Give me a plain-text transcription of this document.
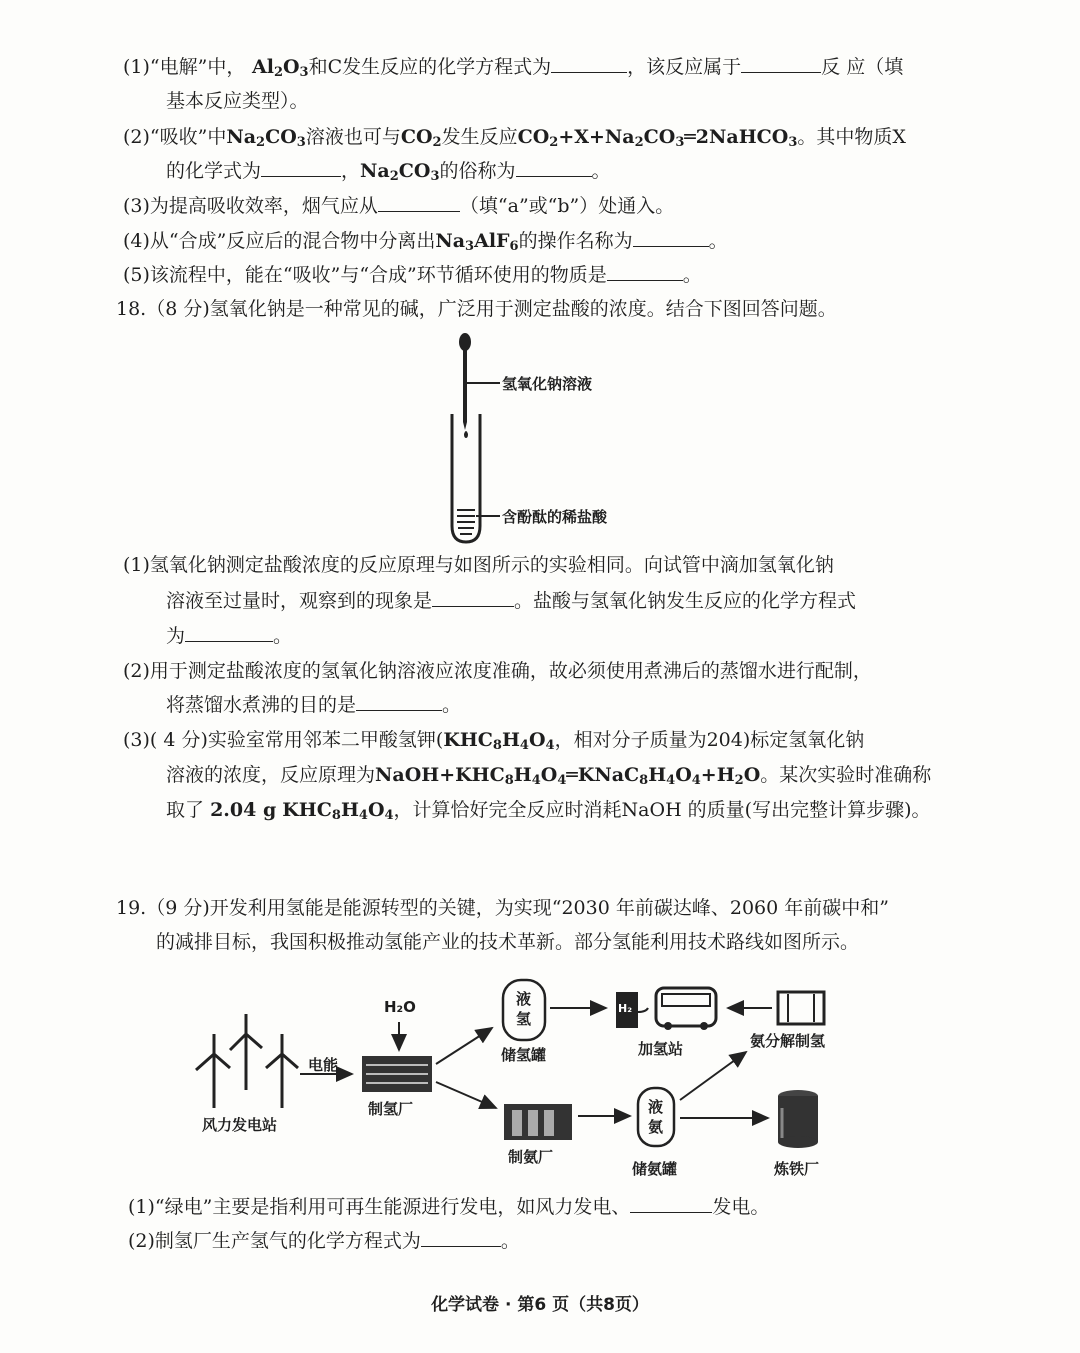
(1)“电解”中， $Al_2O_3$和C发生反应的化学方程式为	，该反应属于	反 应（填
基本反应类型）。
(2)“吸收”中$Na_2CO_3$溶液也可与$CO_2$发生反应$CO_2+X+Na_2CO_3═2NaHCO_3$。其中物质X
的化学式为	，$Na_2CO_3$的俗称为	。
(3)为提高吸收效率，烟气应从	（填“a”或“b”）处通入。
(4)从“合成”反应后的混合物中分离出$Na_3AlF_6$的操作名称为	。
(5)该流程中，能在“吸收”与“合成”环节循环使用的物质是	。
18.（8 分)氢氧化钠是一种常见的碱，广泛用于测定盐酸的浓度。结合下图回答问题。
氢氧化钠溶液
含酚酞的稀盐酸
(1)氢氧化钠测定盐酸浓度的反应原理与如图所示的实验相同。向试管中滴加氢氧化钠
溶液至过量时，观察到的现象是	。盐酸与氢氧化钠发生反应的化学方程式
为	。
(2)用于测定盐酸浓度的氢氧化钠溶液应浓度准确，故必须使用煮沸后的蒸馏水进行配制，
将蒸馏水煮沸的目的是	。
(3)( 4 分)实验室常用邻苯二甲酸氢钾($KHC_8H_4O_4$，相对分子质量为204)标定氢氧化钠
溶液的浓度，反应原理为$NaOH+KHC_8H_4O_4═KNaC_8H_4O_4+H_2O$。某次实验时准确称
取了 2.04 g $KHC_8H_4O_4$，计算恰好完全反应时消耗NaOH 的质量(写出完整计算步骤)。
19.（9 分)开发利用氢能是能源转型的关键，为实现“2030 年前碳达峰、2060 年前碳中和”
的减排目标，我国积极推动氢能产业的技术革新。部分氢能利用技术路线如图所示。
风力发电站
电能
H₂O
制氢厂
液
氢
储氢罐
H₂
加氢站	氨分解制氢
制氨厂
液
氨
储氨罐	炼铁厂
(1)“绿电”主要是指利用可再生能源进行发电，如风力发电、	发电。
(2)制氢厂生产氢气的化学方程式为	。
化学试卷 · 第6 页（共8页）
